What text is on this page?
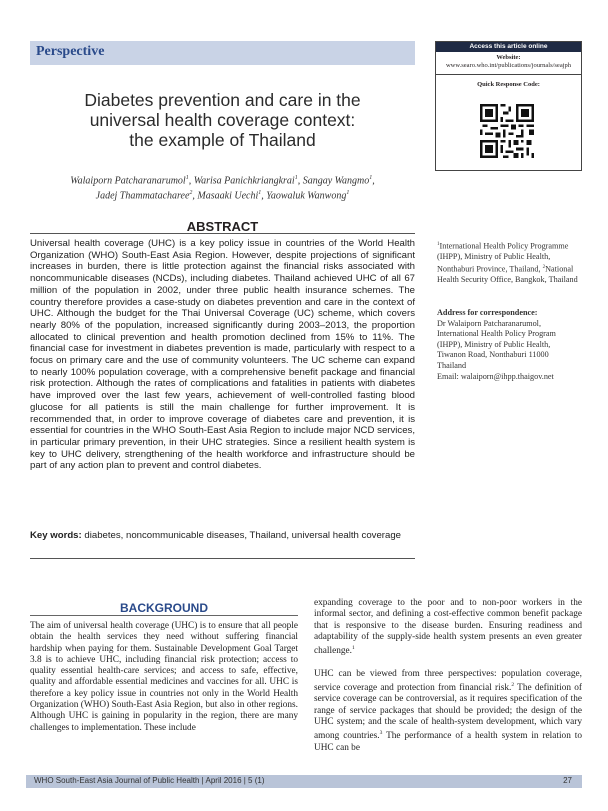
Perspective	Access this article online
Website: www.searo.who.int/publications/journals/seajph
Quick Response Code:
Diabetes prevention and care in the
universal health coverage context:
the example of Thailand
Walaiporn Patcharanarumol$^1$, Warisa Panichkriangkrai$^1$, Sangay Wangmo$^1$,
Jadej Thammatacharee$^2$, Masaaki Uechi$^1$, Yaowaluk Wanwong$^1$
ABSTRACT
Universal health coverage (UHC) is a key policy issue in countries of the World Health Organization (WHO) South-East Asia Region. However, despite projections of significant increases in burden, there is little protection against the financial risks associated with noncommunicable diseases (NCDs), including diabetes. Thailand achieved UHC of all 67 million of the population in 2002, under three public health insurance schemes. The country therefore provides a case-study on diabetes prevention and care in the context of UHC. Although the budget for the Thai Universal Coverage (UC) scheme, which covers nearly 80% of the population, increased significantly during 2003–2013, the proportion allocated to clinical prevention and health promotion declined from 15% to 11%. The financial case for investment in diabetes prevention is made, particularly with respect to a focus on primary care and the use of community volunteers. The UC scheme can expand to nearly 100% population coverage, with a comprehensive benefit package and financial risk protection. Although the rates of complications and fatalities in patients with diabetes have improved over the last few years, achievement of well-controlled fasting blood glucose for all patients is still the main challenge for further improvement. It is recommended that, in order to improve coverage of diabetes care and prevention, it is essential for countries in the WHO South-East Asia Region to include major NCD services, in particular primary prevention, in their UHC strategies. Since a resilient health system is key to UHC delivery, strengthening of the health workforce and infrastructure should be part of any action plan to prevent and control diabetes.
Key words: diabetes, noncommunicable diseases, Thailand, universal health coverage
$^1$International Health Policy Programme (IHPP), Ministry of Public Health, Nonthaburi Province, Thailand, $^2$National Health Security Office, Bangkok, Thailand
Address for correspondence:
Dr Walaiporn Patcharanarumol,
International Health Policy Program (IHPP), Ministry of Public Health,
Tiwanon Road, Nonthaburi 11000
Thailand
Email: walaiporn@ihpp.thaigov.net
BACKGROUND
The aim of universal health coverage (UHC) is to ensure that all people obtain the health services they need without suffering financial hardship when paying for them. Sustainable Development Goal Target 3.8 is to achieve UHC, including financial risk protection; access to quality essential health-care services; and access to safe, effective, quality and affordable essential medicines and vaccines for all. UHC is therefore a key policy issue in countries not only in the World Health Organization (WHO) South-East Asia Region, but also in other regions. Although UHC is gaining in popularity in the region, there are many challenges to implementation. These include

expanding coverage to the poor and to non-poor workers in the informal sector, and defining a cost-effective common benefit package that is responsive to the disease burden. Ensuring readiness and adaptability of the supply-side health system presents an even greater challenge.$^1$

UHC can be viewed from three perspectives: population coverage, service coverage and protection from financial risk.$^2$ The definition of service coverage can be controversial, as it requires specification of the range of service packages that should be provided; the design of the UHC system; and the scale of health-system development, which vary among countries.$^3$ The performance of a health system in relation to UHC can be

WHO South-East Asia Journal of Public Health | April 2016 | 5 (1)	27
